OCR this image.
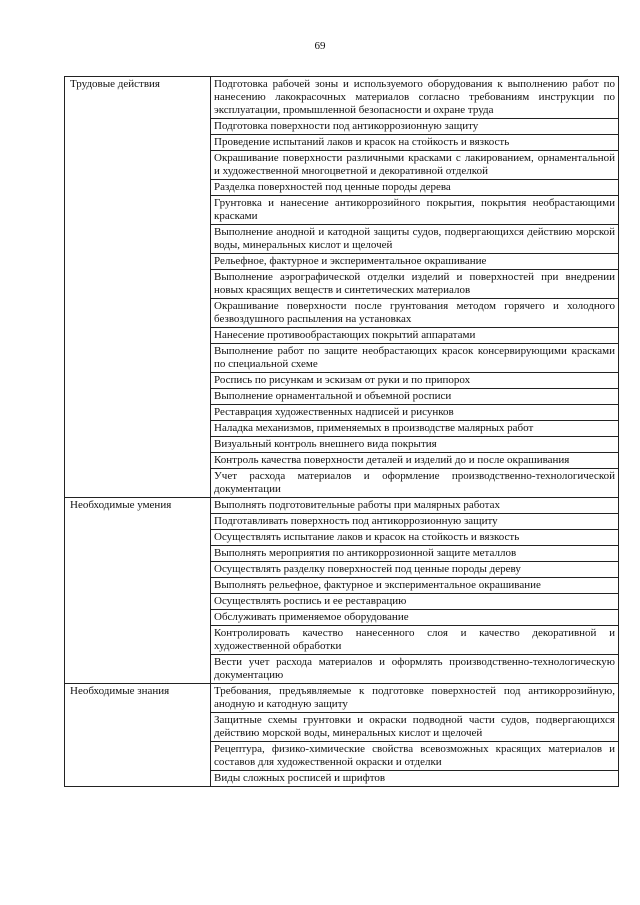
69
Трудовые действия	Подготовка рабочей зоны и используемого оборудования к выполнению работ по нанесению лакокрасочных материалов согласно требованиям инструкции по эксплуатации, промышленной безопасности и охране труда
	Подготовка поверхности под антикоррозионную защиту
	Проведение испытаний лаков и красок на стойкость и вязкость
	Окрашивание поверхности различными красками с лакированием, орнаментальной и художественной многоцветной и декоративной отделкой
	Разделка поверхностей под ценные породы дерева
	Грунтовка и нанесение антикоррозийного покрытия, покрытия необрастающими красками
	Выполнение анодной и катодной защиты судов, подвергающихся действию морской воды, минеральных кислот и щелочей
	Рельефное, фактурное и экспериментальное окрашивание
	Выполнение аэрографической отделки изделий и поверхностей при внедрении новых красящих веществ и синтетических материалов
	Окрашивание поверхности после грунтования методом горячего и холодного безвоздушного распыления на установках
	Нанесение противообрастающих покрытий аппаратами
	Выполнение работ по защите необрастающих красок консервирующими красками по специальной схеме
	Роспись по рисункам и эскизам от руки и по припорох
	Выполнение орнаментальной и объемной росписи
	Реставрация художественных надписей и рисунков
	Наладка механизмов, применяемых в производстве малярных работ
	Визуальный контроль внешнего вида покрытия
	Контроль качества поверхности деталей и изделий до и после окрашивания
	Учет расхода материалов и оформление производственно-технологической документации
Необходимые умения	Выполнять подготовительные работы при малярных работах
	Подготавливать поверхность под антикоррозионную защиту
	Осуществлять испытание лаков и красок на стойкость и вязкость
	Выполнять мероприятия по антикоррозионной защите металлов
	Осуществлять разделку поверхностей под ценные породы дереву
	Выполнять рельефное, фактурное и экспериментальное окрашивание
	Осуществлять роспись и ее реставрацию
	Обслуживать применяемое оборудование
	Контролировать качество нанесенного слоя и качество декоративной и художественной обработки
	Вести учет расхода материалов и оформлять производственно-технологическую документацию
Необходимые знания	Требования, предъявляемые к подготовке поверхностей под антикоррозийную, анодную и катодную защиту
	Защитные схемы грунтовки и окраски подводной части судов, подвергающихся действию морской воды, минеральных кислот и щелочей
	Рецептура, физико-химические свойства всевозможных красящих материалов и составов для художественной окраски и отделки
	Виды сложных росписей и шрифтов
